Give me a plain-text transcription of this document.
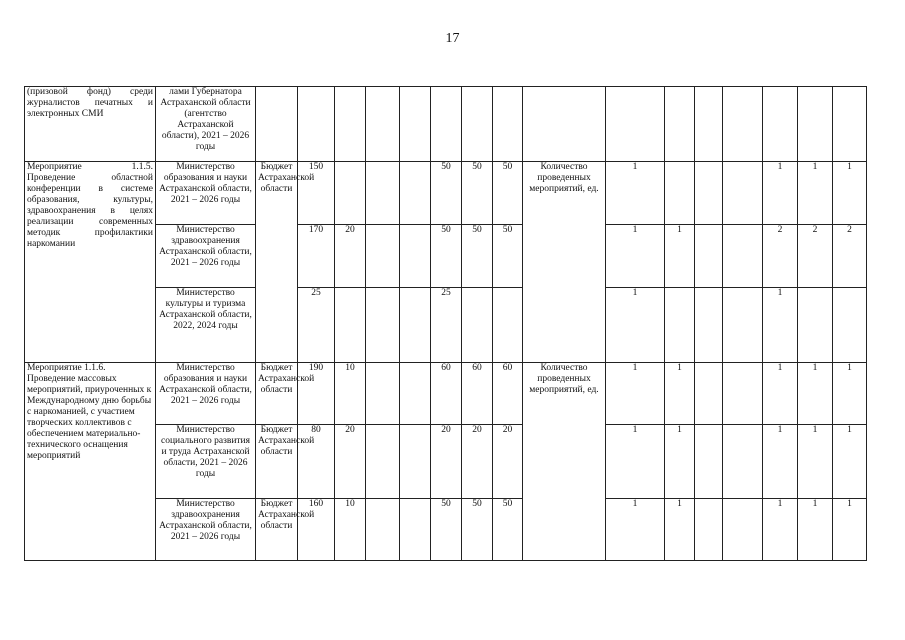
17
(призовой фонд) среди журналистов печатных и электронных СМИ	лами Губернатора Астраханской области (агентство Астраханской области), 2021 – 2026 годы																
Мероприятие 1.1.5. Проведение областной конференции в системе образования, культуры, здравоохранения в целях реализации современных методик профилактики наркомании	Министерство образования и науки Астраханской области, 2021 – 2026 годы	Бюджет Астраханской области	150				50	50	50	Количество проведенных мероприятий, ед.	1				1	1	1
	Министерство здравоохранения Астраханской области, 2021 – 2026 годы		170	20			50	50	50		1	1			2	2	2
	Министерство культуры и туризма Астраханской области, 2022, 2024 годы		25				25				1				1		
Мероприятие 1.1.6. Проведение массовых мероприятий, приуроченных к Международному дню борьбы с наркоманией, с участием творческих коллективов с обеспечением материально-технического оснащения мероприятий	Министерство образования и науки Астраханской области, 2021 – 2026 годы	Бюджет Астраханской области	190	10			60	60	60	Количество проведенных мероприятий, ед.	1	1			1	1	1
	Министерство социального развития и труда Астраханской области, 2021 – 2026 годы	Бюджет Астраханской области	80	20			20	20	20		1	1			1	1	1
	Министерство здравоохранения Астраханской области, 2021 – 2026 годы	Бюджет Астраханской области	160	10			50	50	50		1	1			1	1	1
